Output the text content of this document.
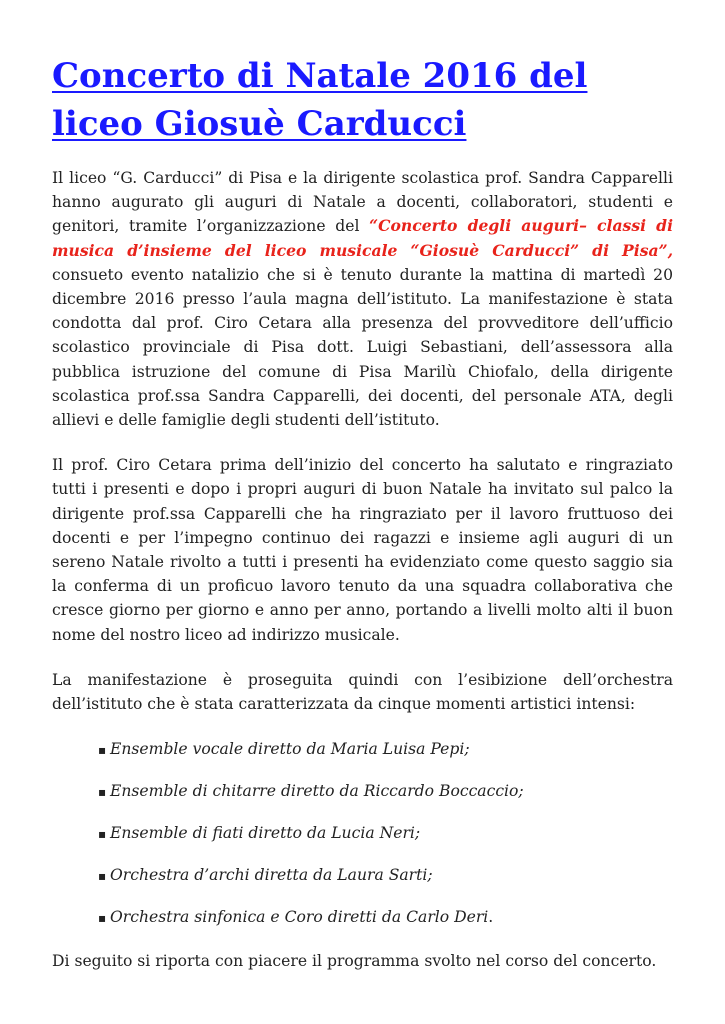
Concerto di Natale 2016 del liceo Giosuè Carducci

Il liceo “G. Carducci” di Pisa e la dirigente scolastica prof. Sandra Capparelli hanno augurato gli auguri di Natale a docenti, collaboratori, studenti e genitori, tramite l’organizzazione del “Concerto degli auguri– classi di musica d’insieme del liceo musicale “Giosuè Carducci” di Pisa”, consueto evento natalizio che si è tenuto durante la mattina di martedì 20 dicembre 2016 presso l’aula magna dell’istituto. La manifestazione è stata condotta dal prof. Ciro Cetara alla presenza del provveditore dell’ufficio scolastico provinciale di Pisa dott. Luigi Sebastiani, dell’assessora alla pubblica istruzione del comune di Pisa Marilù Chiofalo, della dirigente scolastica prof.ssa Sandra Capparelli, dei docenti, del personale ATA, degli allievi e delle famiglie degli studenti dell’istituto.

Il prof. Ciro Cetara prima dell’inizio del concerto ha salutato e ringraziato tutti i presenti e dopo i propri auguri di buon Natale ha invitato sul palco la dirigente prof.ssa Capparelli che ha ringraziato per il lavoro fruttuoso dei docenti e per l’impegno continuo dei ragazzi e insieme agli auguri di un sereno Natale rivolto a tutti i presenti ha evidenziato come questo saggio sia la conferma di un proficuo lavoro tenuto da una squadra collaborativa che cresce giorno per giorno e anno per anno, portando a livelli molto alti il buon nome del nostro liceo ad indirizzo musicale.

La manifestazione è proseguita quindi con l’esibizione dell’orchestra dell’istituto che è stata caratterizzata da cinque momenti artistici intensi:

▪ Ensemble vocale diretto da Maria Luisa Pepi;
▪ Ensemble di chitarre diretto da Riccardo Boccaccio;
▪ Ensemble di fiati diretto da Lucia Neri;
▪ Orchestra d’archi diretta da Laura Sarti;
▪ Orchestra sinfonica e Coro diretti da Carlo Deri.

Di seguito si riporta con piacere il programma svolto nel corso del concerto.
